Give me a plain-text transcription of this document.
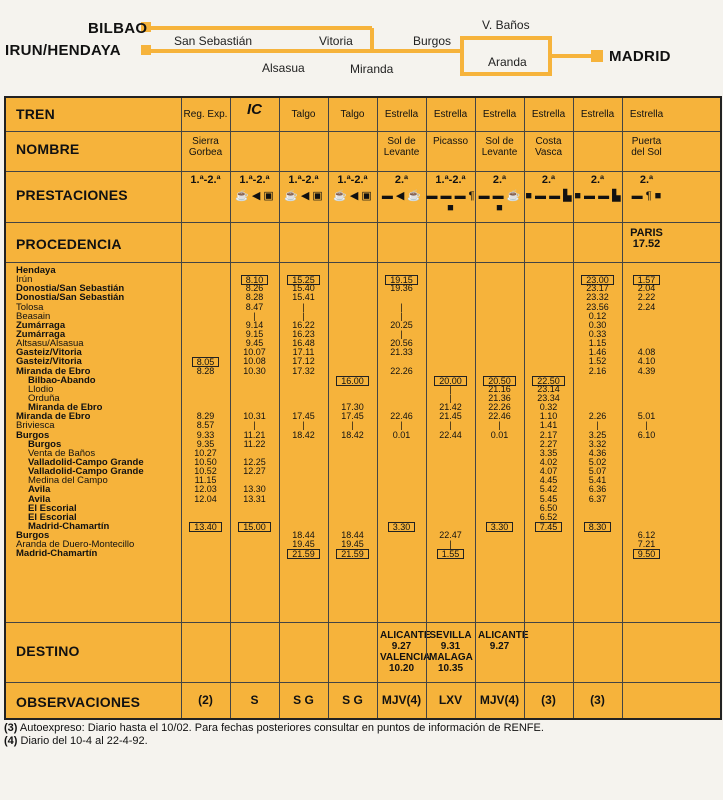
BILBAO
IRUN/HENDAYA	MADRID
San Sebastián
Alsasua
Vitoria
Miranda
Burgos
V. Baños
Aranda
TREN
NOMBRE
PRESTACIONES
PROCEDENCIA
DESTINO
OBSERVACIONES
Hendaya
Irún
Donostia/San Sebastián
Donostia/San Sebastián
Tolosa
Beasain
Zumárraga
Zumárraga
Altsasu/Alsasua
Gasteiz/Vitoria
Gasteiz/Vitoria
Miranda de Ebro
Bilbao-Abando
Llodio
Orduña
Miranda de Ebro
Miranda de Ebro
Briviesca
Burgos
Burgos
Venta de Baños
Valladolid-Campo Grande
Valladolid-Campo Grande
Medina del Campo
Avila
Avila
El Escorial
El Escorial
Madrid-Chamartín
Burgos
Aranda de Duero-Montecillo
Madrid-Chamartín
Reg. Exp.
Sierra Gorbea
1.ª-2.ª
(2)
8.05
8.28
8.29
8.57
9.33
9.35
10.27
10.50
10.52
11.15
12.03
12.04
13.40
IC
1.ª-2.ª
☕ ◀ ▣
S
8.10
8.26
8.28
8.47
|
9.14
9.15
9.45
10.07
10.08
10.30
10.31
|
11.21
11.22
12.25
12.27
13.30
13.31
15.00
Talgo
1.ª-2.ª
☕ ◀ ▣
S G
15.25
15.40
15.41
|
|
16.22
16.23
16.48
17.11
17.12
17.32
17.45
|
18.42
18.44
19.45
21.59
Talgo
1.ª-2.ª
☕ ◀ ▣
S G
16.00
17.30
17.45
|
18.42
18.44
19.45
21.59
Estrella
Sol de Levante
2.ª
▬ ◀ ☕
ALICANTE 9.27 VALENCIA 10.20
MJV(4)
19.15
19.36
|
|
20.25
|
20.56
21.33
22.26
22.46
|
0.01
3.30
Estrella
Picasso
1.ª-2.ª
▬ ▬ ▬ ¶ ■
SEVILLA 9.31 MALAGA 10.35
LXV
20.00
|
|
21.42
21.45
|
22.44
22.47
|
1.55
Estrella
Sol de Levante
2.ª
▬ ▬ ☕ ■
ALICANTE 9.27
MJV(4)
20.50
21.16
21.36
22.26
22.46
|
0.01
3.30
Estrella
Costa Vasca
2.ª
■ ▬ ▬ ▙
(3)
22.50
23.14
23.34
0.32
1.10
1.41
2.17
2.27
3.35
4.02
4.07
4.45
5.42
5.45
6.50
6.52
7.45
Estrella
2.ª
■ ▬ ▬ ▙
(3)
23.00
23.17
23.32
23.56
0.12
0.30
0.33
1.15
1.46
1.52
2.16
2.26
|
3.25
3.32
4.36
5.02
5.07
5.41
6.36
6.37
8.30
Estrella
Puerta del Sol
2.ª
▬ ¶ ■
PARIS 17.52
1.57
2.04
2.22
2.24
4.08
4.10
4.39
5.01
|
6.10
6.12
7.21
9.50
(3) Autoexpreso: Diario hasta el 10/02. Para fechas posteriores consultar en puntos de información de RENFE.
(4) Diario del 10-4 al 22-4-92.
